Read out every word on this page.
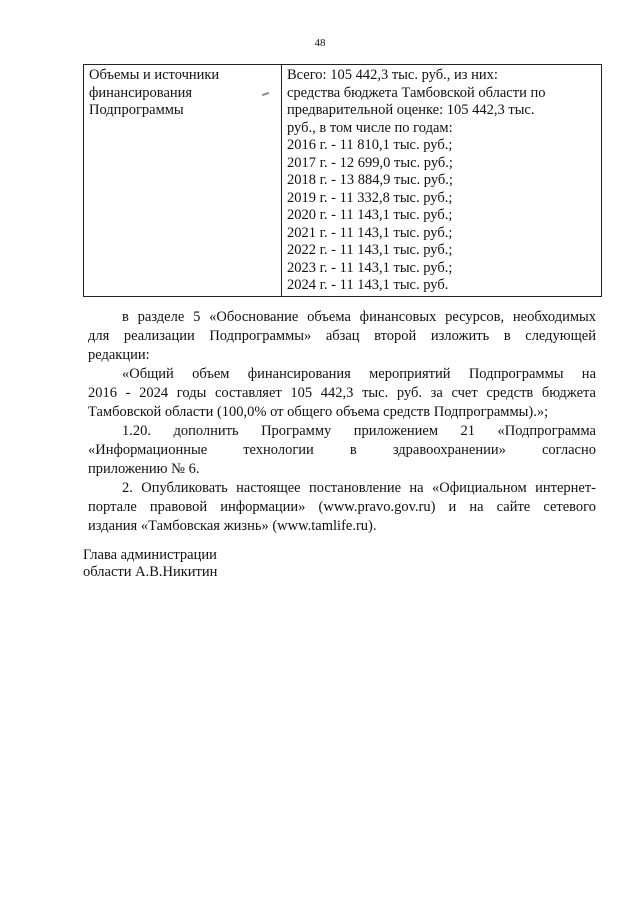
48
Объемы и источники
финансирования
Подпрограммы

Всего: 105 442,3 тыс. руб., из них:
средства бюджета Тамбовской области по
предварительной оценке: 105 442,3 тыс.
руб., в том числе по годам:
2016 г. - 11 810,1 тыс. руб.;
2017 г. - 12 699,0 тыс. руб.;
2018 г. - 13 884,9 тыс. руб.;
2019 г. - 11 332,8 тыс. руб.;
2020 г. - 11 143,1 тыс. руб.;
2021 г. - 11 143,1 тыс. руб.;
2022 г. - 11 143,1 тыс. руб.;
2023 г. - 11 143,1 тыс. руб.;
2024 г. - 11 143,1 тыс. руб.

в разделе 5 «Обоснование объема финансовых ресурсов, необходимых
для реализации Подпрограммы» абзац второй изложить в следующей
редакции:

«Общий объем финансирования мероприятий Подпрограммы на
2016 - 2024 годы составляет 105 442,3 тыс. руб. за счет средств бюджета
Тамбовской области (100,0% от общего объема средств Подпрограммы).»;

1.20. дополнить Программу приложением 21 «Подпрограмма
«Информационные технологии в здравоохранении» согласно
приложению № 6.

2. Опубликовать настоящее постановление на «Официальном интернет-
портале правовой информации» (www.pravo.gov.ru) и на сайте сетевого
издания «Тамбовская жизнь» (www.tamlife.ru).

Глава администрации
области А.В.Никитин
